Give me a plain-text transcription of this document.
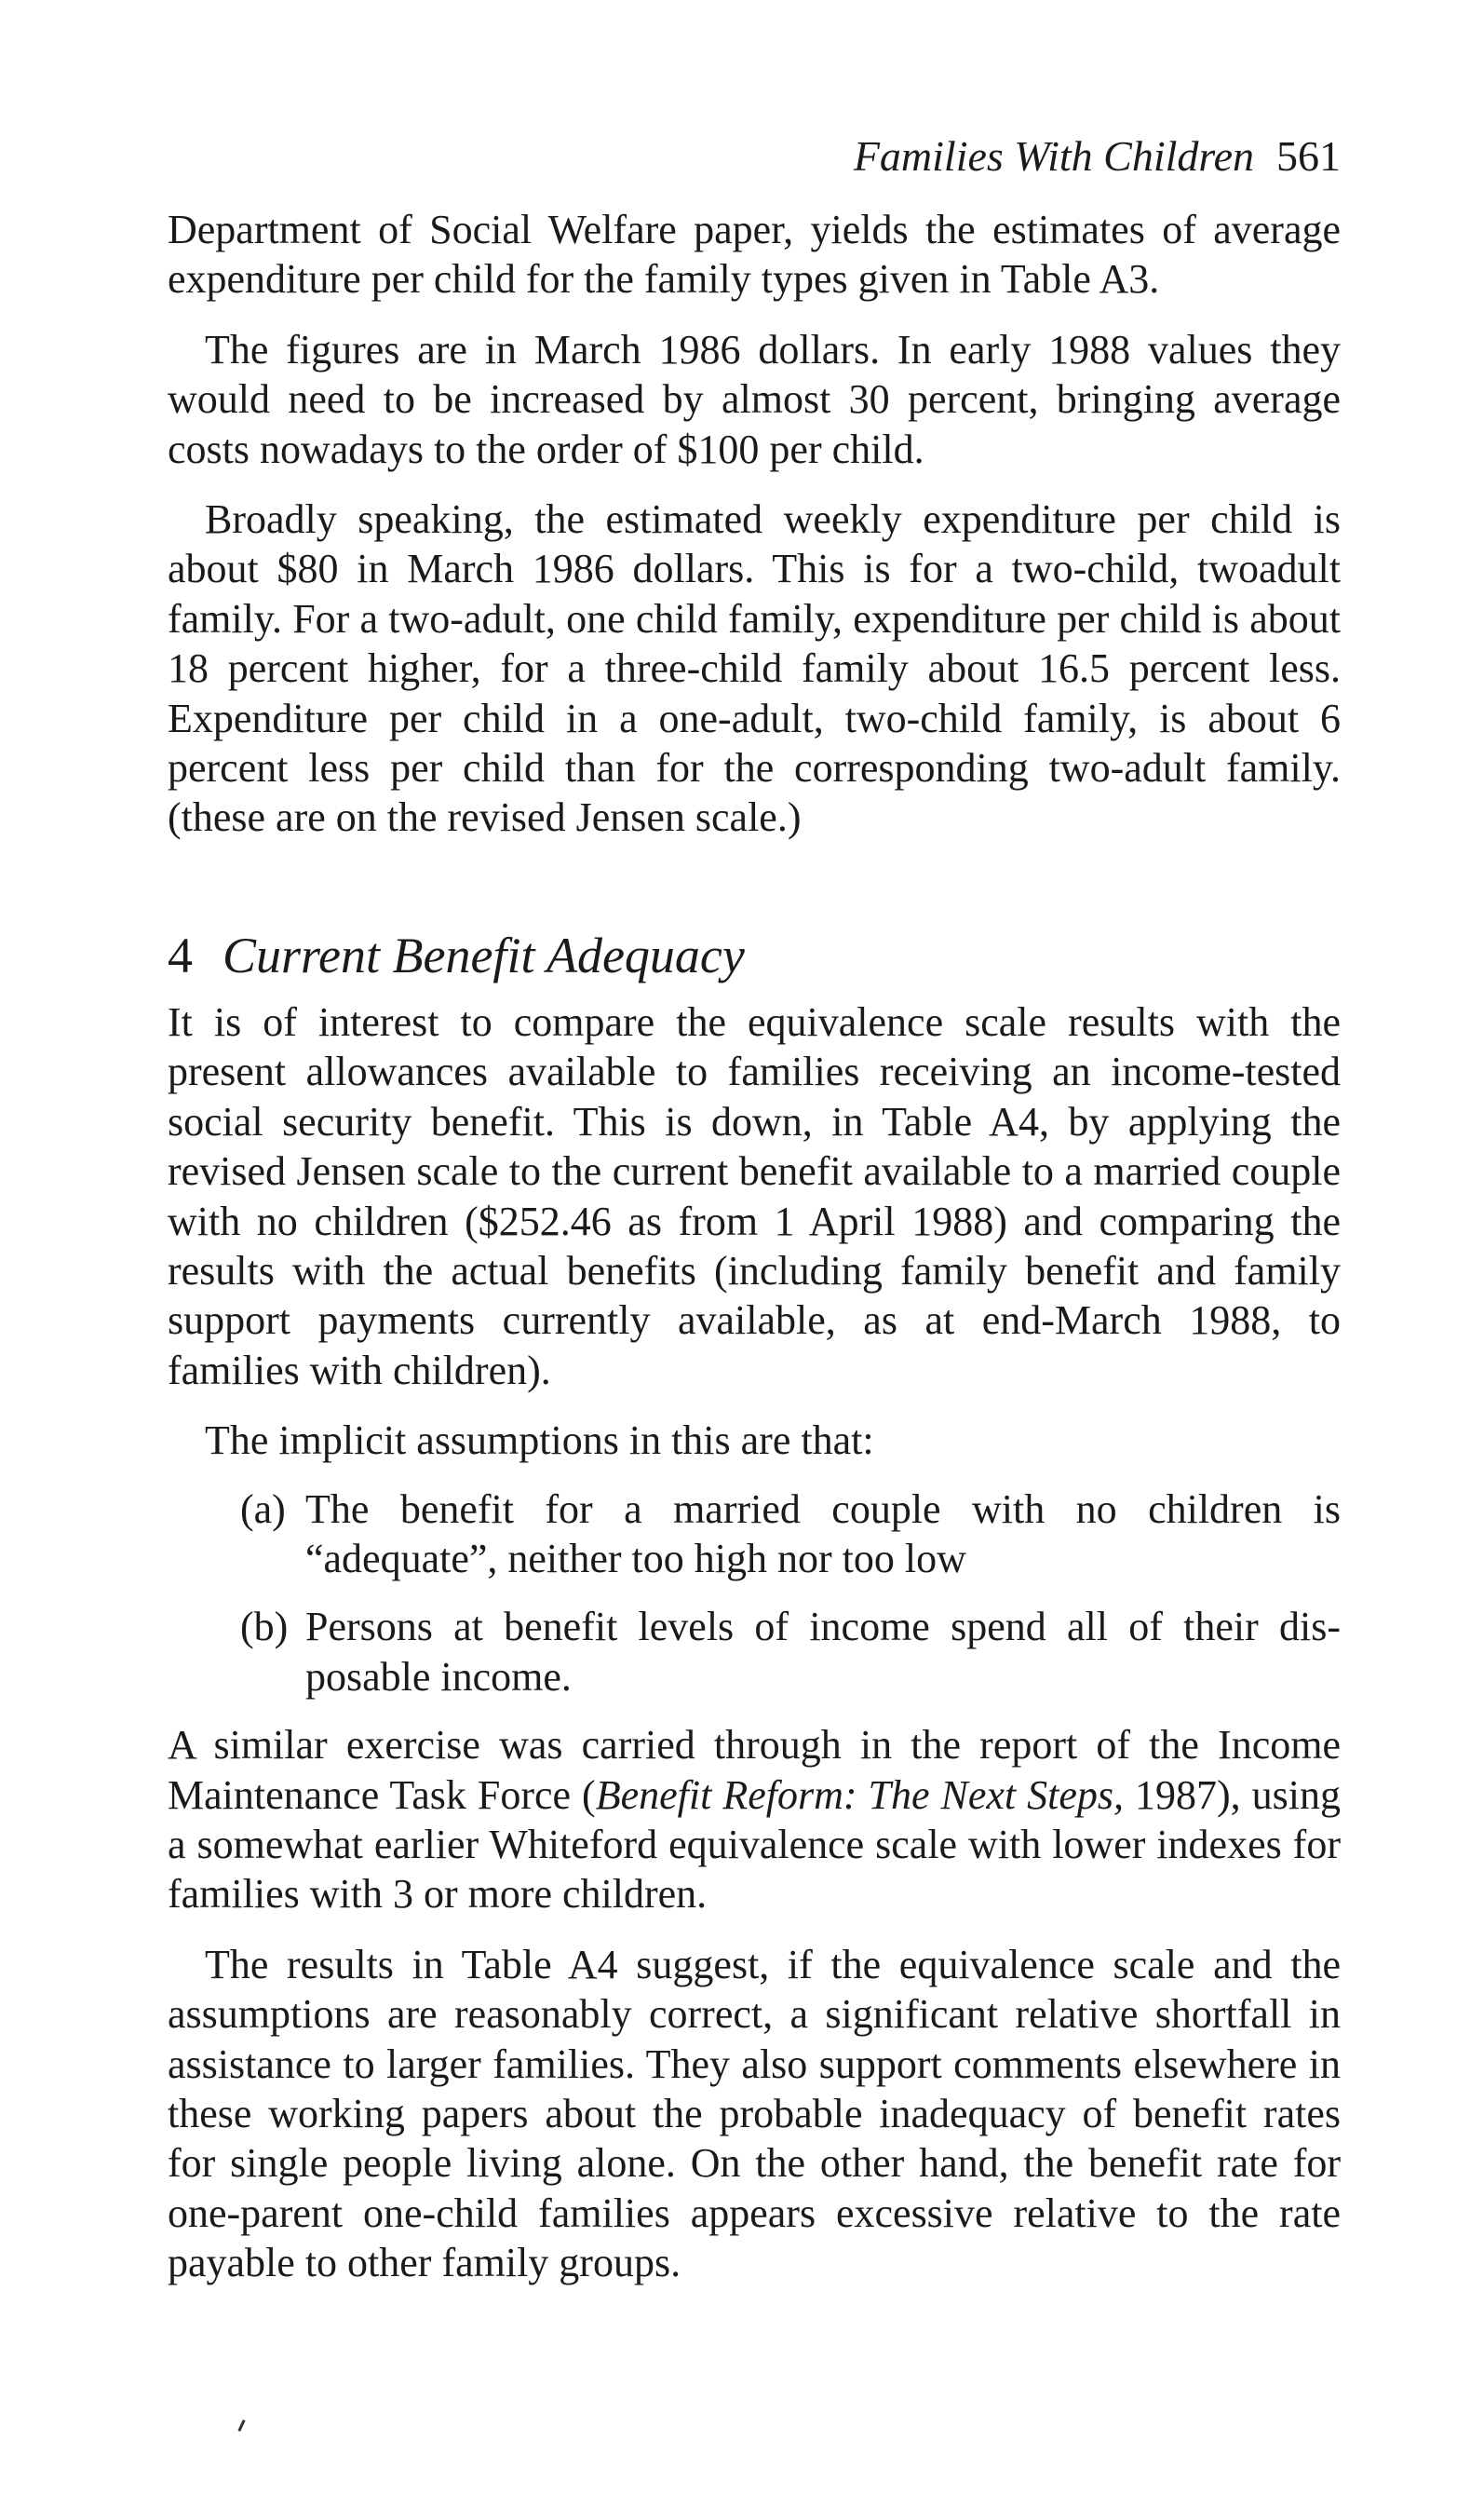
Families With Children 561

Department of Social Welfare paper, yields the estimates of average expenditure per child for the family types given in Table A3.

The figures are in March 1986 dollars. In early 1988 values they would need to be increased by almost 30 percent, bringing average costs nowadays to the order of $100 per child.

Broadly speaking, the estimated weekly expenditure per child is about $80 in March 1986 dollars. This is for a two-child, twoadult family. For a two-adult, one child family, expenditure per child is about 18 percent higher, for a three-child family about 16.5 percent less. Expenditure per child in a one-adult, two-child family, is about 6 percent less per child than for the corresponding two-adult family. (these are on the revised Jensen scale.)

4 Current Benefit Adequacy

It is of interest to compare the equivalence scale results with the present allowances available to families receiving an income-tested social security benefit. This is down, in Table A4, by applying the revised Jensen scale to the current benefit available to a married couple with no children ($252.46 as from 1 April 1988) and comparing the results with the actual benefits (including family benefit and family support payments currently available, as at end-March 1988, to families with children).

The implicit assumptions in this are that:

(a) The benefit for a married couple with no children is “adequate”, neither too high nor too low
(b) Persons at benefit levels of income spend all of their disposable income.

A similar exercise was carried through in the report of the Income Maintenance Task Force (Benefit Reform: The Next Steps, 1987), using a somewhat earlier Whiteford equivalence scale with lower indexes for families with 3 or more children.

The results in Table A4 suggest, if the equivalence scale and the assumptions are reasonably correct, a significant relative shortfall in assistance to larger families. They also support comments elsewhere in these working papers about the probable inadequacy of benefit rates for single people living alone. On the other hand, the benefit rate for one-parent one-child families appears excessive relative to the rate payable to other family groups.
